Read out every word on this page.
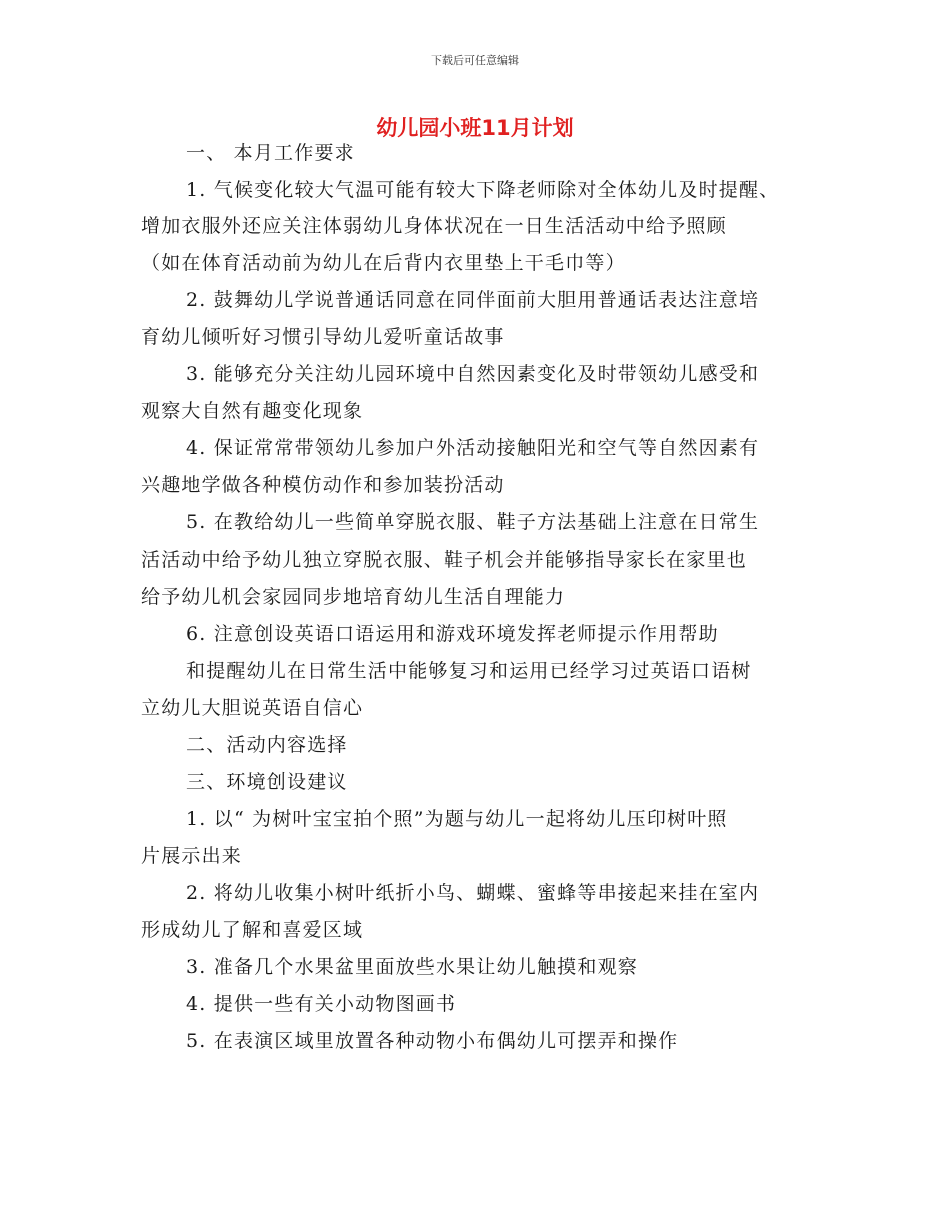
下载后可任意编辑
幼儿园小班11月计划
一、 本月工作要求
1. 气候变化较大气温可能有较大下降老师除对全体幼儿及时提醒、
增加衣服外还应关注体弱幼儿身体状况在一日生活活动中给予照顾
（如在体育活动前为幼儿在后背内衣里垫上干毛巾等）
2. 鼓舞幼儿学说普通话同意在同伴面前大胆用普通话表达注意培
育幼儿倾听好习惯引导幼儿爱听童话故事
3. 能够充分关注幼儿园环境中自然因素变化及时带领幼儿感受和
观察大自然有趣变化现象
4. 保证常常带领幼儿参加户外活动接触阳光和空气等自然因素有
兴趣地学做各种模仿动作和参加装扮活动
5. 在教给幼儿一些简单穿脱衣服、鞋子方法基础上注意在日常生
活活动中给予幼儿独立穿脱衣服、鞋子机会并能够指导家长在家里也
给予幼儿机会家园同步地培育幼儿生活自理能力
6. 注意创设英语口语运用和游戏环境发挥老师提示作用帮助
和提醒幼儿在日常生活中能够复习和运用已经学习过英语口语树
立幼儿大胆说英语自信心
二、活动内容选择
三、环境创设建议
1. 以“ 为树叶宝宝拍个照”为题与幼儿一起将幼儿压印树叶照
片展示出来
2. 将幼儿收集小树叶纸折小鸟、蝴蝶、蜜蜂等串接起来挂在室内
形成幼儿了解和喜爱区域
3. 准备几个水果盆里面放些水果让幼儿触摸和观察
4. 提供一些有关小动物图画书
5. 在表演区域里放置各种动物小布偶幼儿可摆弄和操作
